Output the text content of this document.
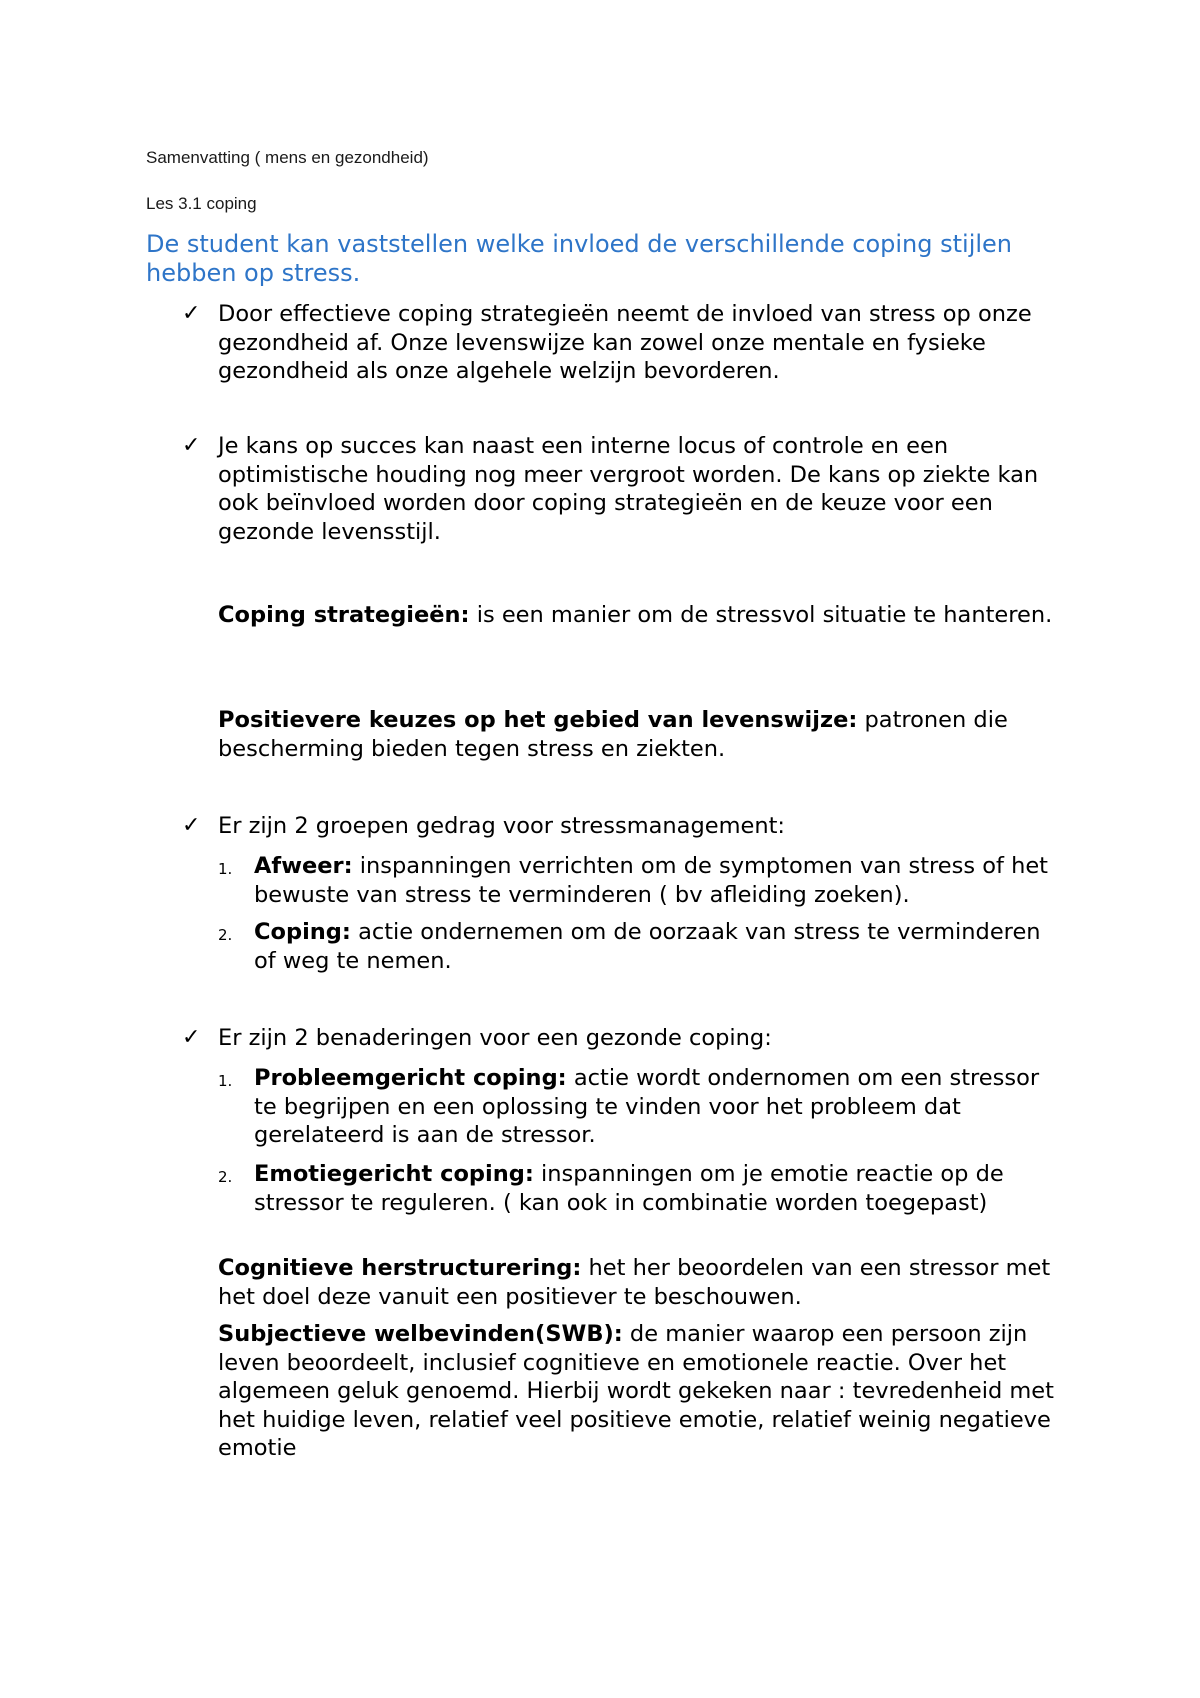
Samenvatting ( mens en gezondheid)
Les 3.1 coping
De student kan vaststellen welke invloed de verschillende coping stijlen hebben op stress.
✓ Door effectieve coping strategieën neemt de invloed van stress op onze gezondheid af. Onze levenswijze kan zowel onze mentale en fysieke gezondheid als onze algehele welzijn bevorderen.
✓ Je kans op succes kan naast een interne locus of controle en een optimistische houding nog meer vergroot worden. De kans op ziekte kan ook beïnvloed worden door coping strategieën en de keuze voor een gezonde levensstijl.
Coping strategieën: is een manier om de stressvol situatie te hanteren.
Positievere keuzes op het gebied van levenswijze: patronen die bescherming bieden tegen stress en ziekten.
✓ Er zijn 2 groepen gedrag voor stressmanagement:
1. Afweer: inspanningen verrichten om de symptomen van stress of het bewuste van stress te verminderen ( bv afleiding zoeken).
2. Coping: actie ondernemen om de oorzaak van stress te verminderen of weg te nemen.
✓ Er zijn 2 benaderingen voor een gezonde coping:
1. Probleemgericht coping: actie wordt ondernomen om een stressor te begrijpen en een oplossing te vinden voor het probleem dat gerelateerd is aan de stressor.
2. Emotiegericht coping: inspanningen om je emotie reactie op de stressor te reguleren. ( kan ook in combinatie worden toegepast)
Cognitieve herstructurering: het her beoordelen van een stressor met het doel deze vanuit een positiever te beschouwen.
Subjectieve welbevinden(SWB): de manier waarop een persoon zijn leven beoordeelt, inclusief cognitieve en emotionele reactie. Over het algemeen geluk genoemd. Hierbij wordt gekeken naar : tevredenheid met het huidige leven, relatief veel positieve emotie, relatief weinig negatieve emotie
